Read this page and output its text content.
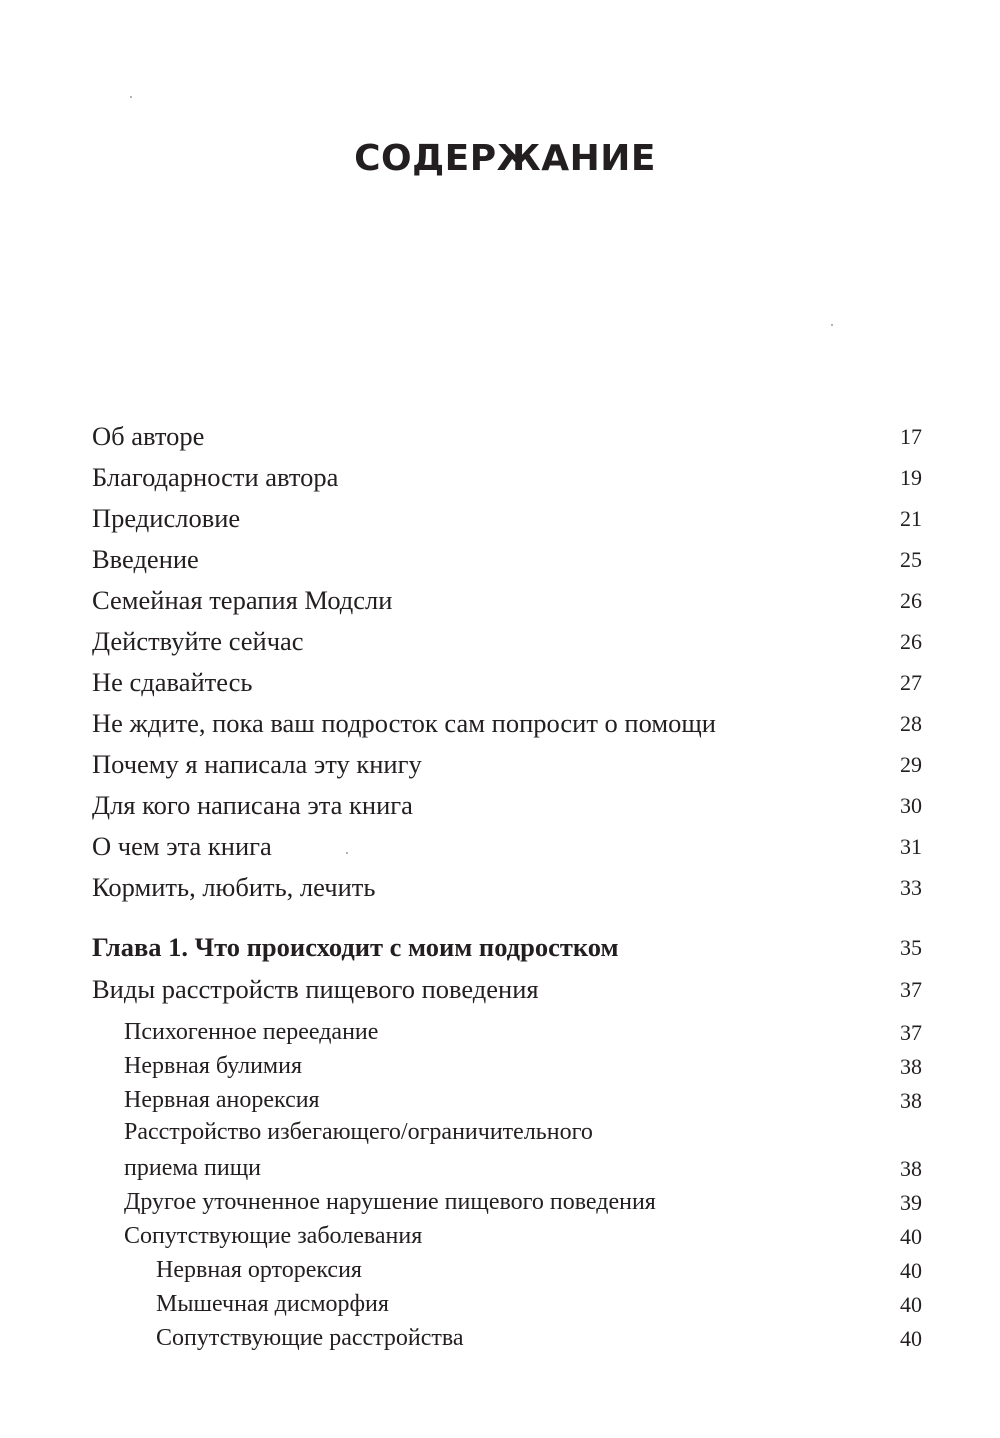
СОДЕРЖАНИЕ
Об авторе	17
Благодарности автора	19
Предисловие	21
Введение	25
Семейная терапия Модсли	26
Действуйте сейчас	26
Не сдавайтесь	27
Не ждите, пока ваш подросток сам попросит о помощи	28
Почему я написала эту книгу	29
Для кого написана эта книга	30
О чем эта книга	31
Кормить, любить, лечить	33
Глава 1. Что происходит с моим подростком	35
Виды расстройств пищевого поведения	37
Психогенное переедание	37
Нервная булимия	38
Нервная анорексия	38
Расстройство избегающего/ограничительного
приема пищи	38
Другое уточненное нарушение пищевого поведения	39
Сопутствующие заболевания	40
Нервная орторексия	40
Мышечная дисморфия	40
Сопутствующие расстройства	40
